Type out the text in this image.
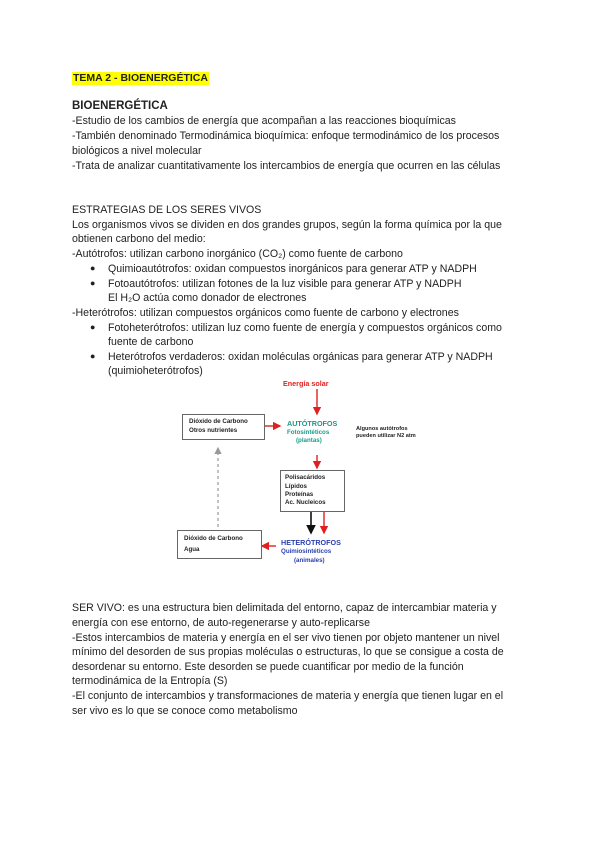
TEMA 2 - BIOENERGÉTICA
BIOENERGÉTICA
-Estudio de los cambios de energía que acompañan a las reacciones bioquímicas
-También denominado Termodinámica bioquímica: enfoque termodinámico de los procesos
biológicos a nivel molecular
-Trata de analizar cuantitativamente los intercambios de energía que ocurren en las células
ESTRATEGIAS DE LOS SERES VIVOS
Los organismos vivos se dividen en dos grandes grupos, según la forma química por la que
obtienen carbono del medio:
-Autótrofos: utilizan carbono inorgánico (CO₂) como fuente de carbono
● Quimioautótrofos: oxidan compuestos inorgánicos para generar ATP y NADPH
● Fotoautótrofos: utilizan fotones de la luz visible para generar ATP y NADPH
El H₂O actúa como donador de electrones
-Heterótrofos: utilizan compuestos orgánicos como fuente de carbono y electrones
● Fotoheterótrofos: utilizan luz como fuente de energía y compuestos orgánicos como
fuente de carbono
● Heterótrofos verdaderos: oxidan moléculas orgánicas para generar ATP y NADPH
(quimioheterótrofos)
Energía solar
Dióxido de Carbono
Otros nutrientes
AUTÓTROFOS
Fotosintéticos
(plantas)
Algunos autótrofos
pueden utilizar N2 atm
Polisacáridos
Lípidos
Proteínas
Ac. Nucleicos
Dióxido de Carbono
Agua
HETERÓTROFOS
Quimiosintéticos
(animales)
SER VIVO: es una estructura bien delimitada del entorno, capaz de intercambiar materia y
energía con ese entorno, de auto-regenerarse y auto-replicarse
-Estos intercambios de materia y energía en el ser vivo tienen por objeto mantener un nivel
mínimo del desorden de sus propias moléculas o estructuras, lo que se consigue a costa de
desordenar su entorno. Este desorden se puede cuantificar por medio de la función
termodinámica de la Entropía (S)
-El conjunto de intercambios y transformaciones de materia y energía que tienen lugar en el
ser vivo es lo que se conoce como metabolismo
